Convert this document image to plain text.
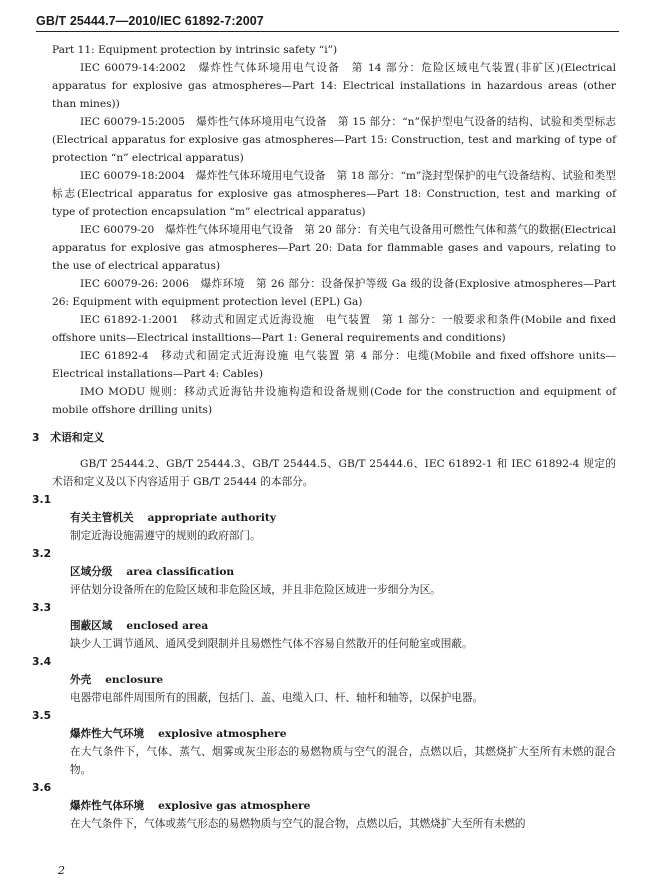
GB/T 25444.7—2010/IEC 61892-7:2007

Part 11: Equipment protection by intrinsic safety “i”)

IEC 60079-14:2002　爆炸性气体环境用电气设备　第 14 部分：危险区域电气装置(非矿区)(Electrical apparatus for explosive gas atmospheres—Part 14: Electrical installations in hazardous areas (other than mines))

IEC 60079-15:2005　爆炸性气体环境用电气设备　第 15 部分：“n”保护型电气设备的结构、试验和类型标志(Electrical apparatus for explosive gas atmospheres—Part 15: Construction, test and marking of type of protection “n” electrical apparatus)

IEC 60079-18:2004　爆炸性气体环境用电气设备　第 18 部分：“m”浇封型保护的电气设备结构、试验和类型标志(Electrical apparatus for explosive gas atmospheres—Part 18: Construction, test and marking of type of protection encapsulation “m” electrical apparatus)

IEC 60079-20　爆炸性气体环境用电气设备　第 20 部分：有关电气设备用可燃性气体和蒸气的数据(Electrical apparatus for explosive gas atmospheres—Part 20: Data for flammable gases and vapours, relating to the use of electrical apparatus)

IEC 60079-26: 2006　爆炸环境　第 26 部分：设备保护等级 Ga 级的设备(Explosive atmospheres—Part 26: Equipment with equipment protection level (EPL) Ga)

IEC 61892-1:2001　移动式和固定式近海设施　电气装置　第 1 部分：一般要求和条件(Mobile and fixed offshore units—Electrical installtions—Part 1: General requirements and conditions)

IEC 61892-4　移动式和固定式近海设施 电气装置 第 4 部分：电缆(Mobile and fixed offshore units—Electrical installations—Part 4: Cables)

IMO MODU 规则：移动式近海钻井设施构造和设备规则(Code for the construction and equipment of mobile offshore drilling units)

3　术语和定义

GB/T 25444.2、GB/T 25444.3、GB/T 25444.5、GB/T 25444.6、IEC 61892-1 和 IEC 61892-4 规定的术语和定义及以下内容适用于 GB/T 25444 的本部分。

3.1

有关主管机关 appropriate authority

制定近海设施需遵守的规则的政府部门。

3.2

区域分级 area classification

评估划分设备所在的危险区域和非危险区域，并且非危险区域进一步细分为区。

3.3

围蔽区域 enclosed area

缺少人工调节通风、通风受到限制并且易燃性气体不容易自然散开的任何舱室或围蔽。

3.4

外壳 enclosure

电器带电部件周围所有的围蔽，包括门、盖、电缆入口、杆、轴杆和轴等，以保护电器。

3.5

爆炸性大气环境 explosive atmosphere

在大气条件下，气体、蒸气、烟雾或灰尘形态的易燃物质与空气的混合，点燃以后，其燃烧扩大至所有未燃的混合物。

3.6

爆炸性气体环境 explosive gas atmosphere

在大气条件下，气体或蒸气形态的易燃物质与空气的混合物，点燃以后，其燃烧扩大至所有未燃的

2
